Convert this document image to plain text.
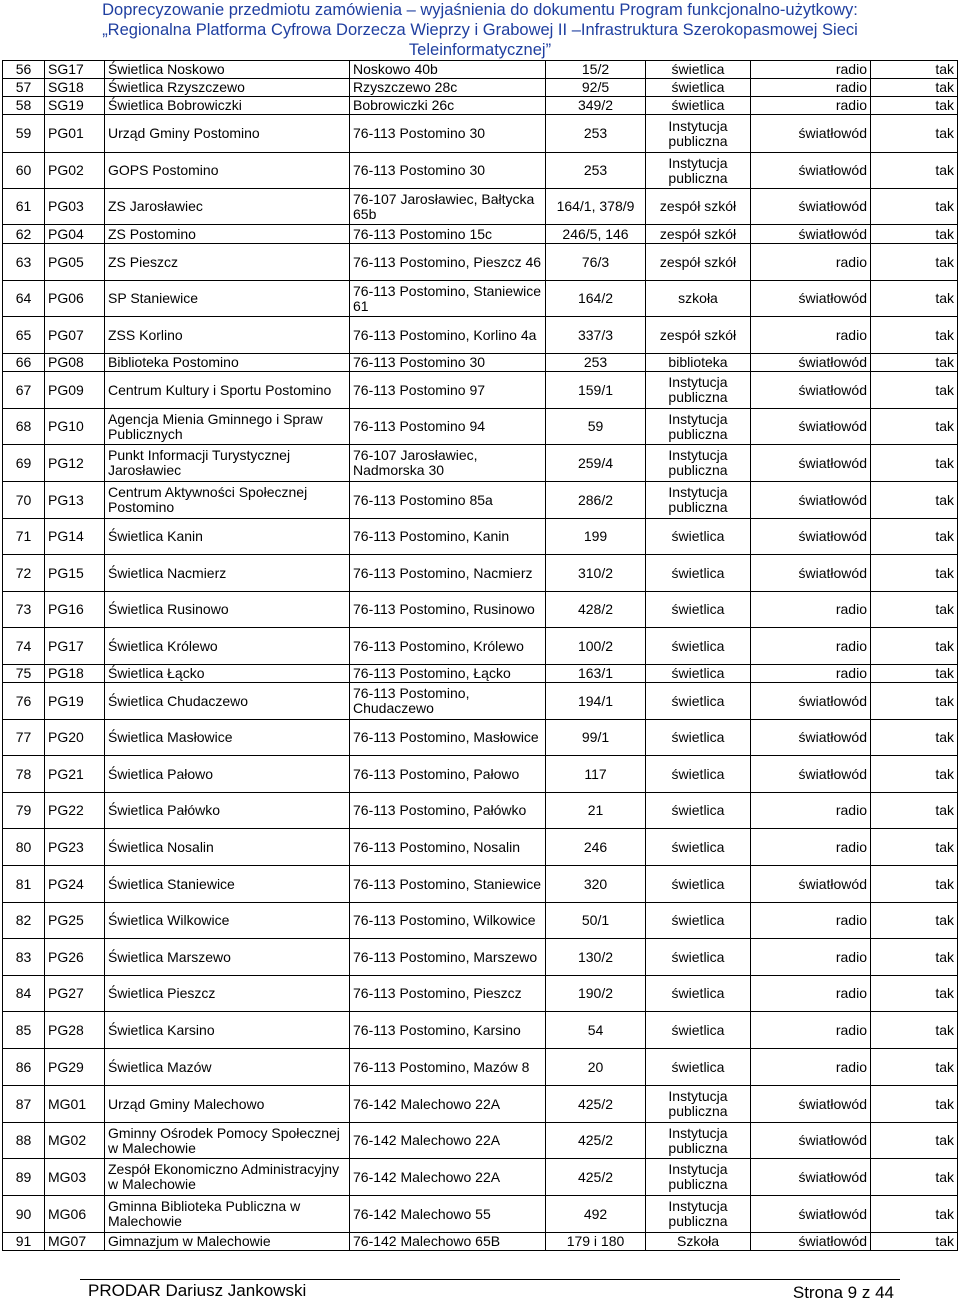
Doprecyzowanie przedmiotu zamówienia – wyjaśnienia do dokumentu Program funkcjonalno-użytkowy:
„Regionalna Platforma Cyfrowa Dorzecza Wieprzy i Grabowej II –Infrastruktura Szerokopasmowej Sieci
Teleinformatycznej”
56	SG17	Świetlica Noskowo	Noskowo 40b	15/2	świetlica	radio	tak
57	SG18	Świetlica Rzyszczewo	Rzyszczewo 28c	92/5	świetlica	radio	tak
58	SG19	Świetlica Bobrowiczki	Bobrowiczki 26c	349/2	świetlica	radio	tak
59	PG01	Urząd Gminy Postomino	76-113 Postomino 30	253	Instytucja publiczna	światłowód	tak
60	PG02	GOPS Postomino	76-113 Postomino 30	253	Instytucja publiczna	światłowód	tak
61	PG03	ZS Jarosławiec	76-107 Jarosławiec, Bałtycka 65b	164/1, 378/9	zespół szkół	światłowód	tak
62	PG04	ZS Postomino	76-113 Postomino 15c	246/5, 146	zespół szkół	światłowód	tak
63	PG05	ZS Pieszcz	76-113 Postomino, Pieszcz 46	76/3	zespół szkół	radio	tak
64	PG06	SP Staniewice	76-113 Postomino, Staniewice 61	164/2	szkoła	światłowód	tak
65	PG07	ZSS Korlino	76-113 Postomino, Korlino 4a	337/3	zespół szkół	radio	tak
66	PG08	Biblioteka Postomino	76-113 Postomino 30	253	biblioteka	światłowód	tak
67	PG09	Centrum Kultury i Sportu Postomino	76-113 Postomino 97	159/1	Instytucja publiczna	światłowód	tak
68	PG10	Agencja Mienia Gminnego i Spraw Publicznych	76-113 Postomino 94	59	Instytucja publiczna	światłowód	tak
69	PG12	Punkt Informacji Turystycznej Jarosławiec	76-107 Jarosławiec, Nadmorska 30	259/4	Instytucja publiczna	światłowód	tak
70	PG13	Centrum Aktywności Społecznej Postomino	76-113 Postomino 85a	286/2	Instytucja publiczna	światłowód	tak
71	PG14	Świetlica Kanin	76-113 Postomino, Kanin	199	świetlica	światłowód	tak
72	PG15	Świetlica Nacmierz	76-113 Postomino, Nacmierz	310/2	świetlica	światłowód	tak
73	PG16	Świetlica Rusinowo	76-113 Postomino, Rusinowo	428/2	świetlica	radio	tak
74	PG17	Świetlica Królewo	76-113 Postomino, Królewo	100/2	świetlica	radio	tak
75	PG18	Świetlica Łącko	76-113 Postomino, Łącko	163/1	świetlica	radio	tak
76	PG19	Świetlica Chudaczewo	76-113 Postomino, Chudaczewo	194/1	świetlica	światłowód	tak
77	PG20	Świetlica Masłowice	76-113 Postomino, Masłowice	99/1	świetlica	światłowód	tak
78	PG21	Świetlica Pałowo	76-113 Postomino, Pałowo	117	świetlica	światłowód	tak
79	PG22	Świetlica Pałówko	76-113 Postomino, Pałówko	21	świetlica	radio	tak
80	PG23	Świetlica Nosalin	76-113 Postomino, Nosalin	246	świetlica	radio	tak
81	PG24	Świetlica Staniewice	76-113 Postomino, Staniewice	320	świetlica	światłowód	tak
82	PG25	Świetlica Wilkowice	76-113 Postomino, Wilkowice	50/1	świetlica	radio	tak
83	PG26	Świetlica Marszewo	76-113 Postomino, Marszewo	130/2	świetlica	radio	tak
84	PG27	Świetlica Pieszcz	76-113 Postomino, Pieszcz	190/2	świetlica	radio	tak
85	PG28	Świetlica Karsino	76-113 Postomino, Karsino	54	świetlica	radio	tak
86	PG29	Świetlica Mazów	76-113 Postomino, Mazów 8	20	świetlica	radio	tak
87	MG01	Urząd Gminy Malechowo	76-142 Malechowo 22A	425/2	Instytucja publiczna	światłowód	tak
88	MG02	Gminny Ośrodek Pomocy Społecznej w Malechowie	76-142 Malechowo 22A	425/2	Instytucja publiczna	światłowód	tak
89	MG03	Zespół Ekonomiczno Administracyjny w Malechowie	76-142 Malechowo 22A	425/2	Instytucja publiczna	światłowód	tak
90	MG06	Gminna Biblioteka Publiczna w Malechowie	76-142 Malechowo 55	492	Instytucja publiczna	światłowód	tak
91	MG07	Gimnazjum w Malechowie	76-142 Malechowo 65B	179 i 180	Szkoła	światłowód	tak
PRODAR Dariusz Jankowski	Strona 9 z 44
